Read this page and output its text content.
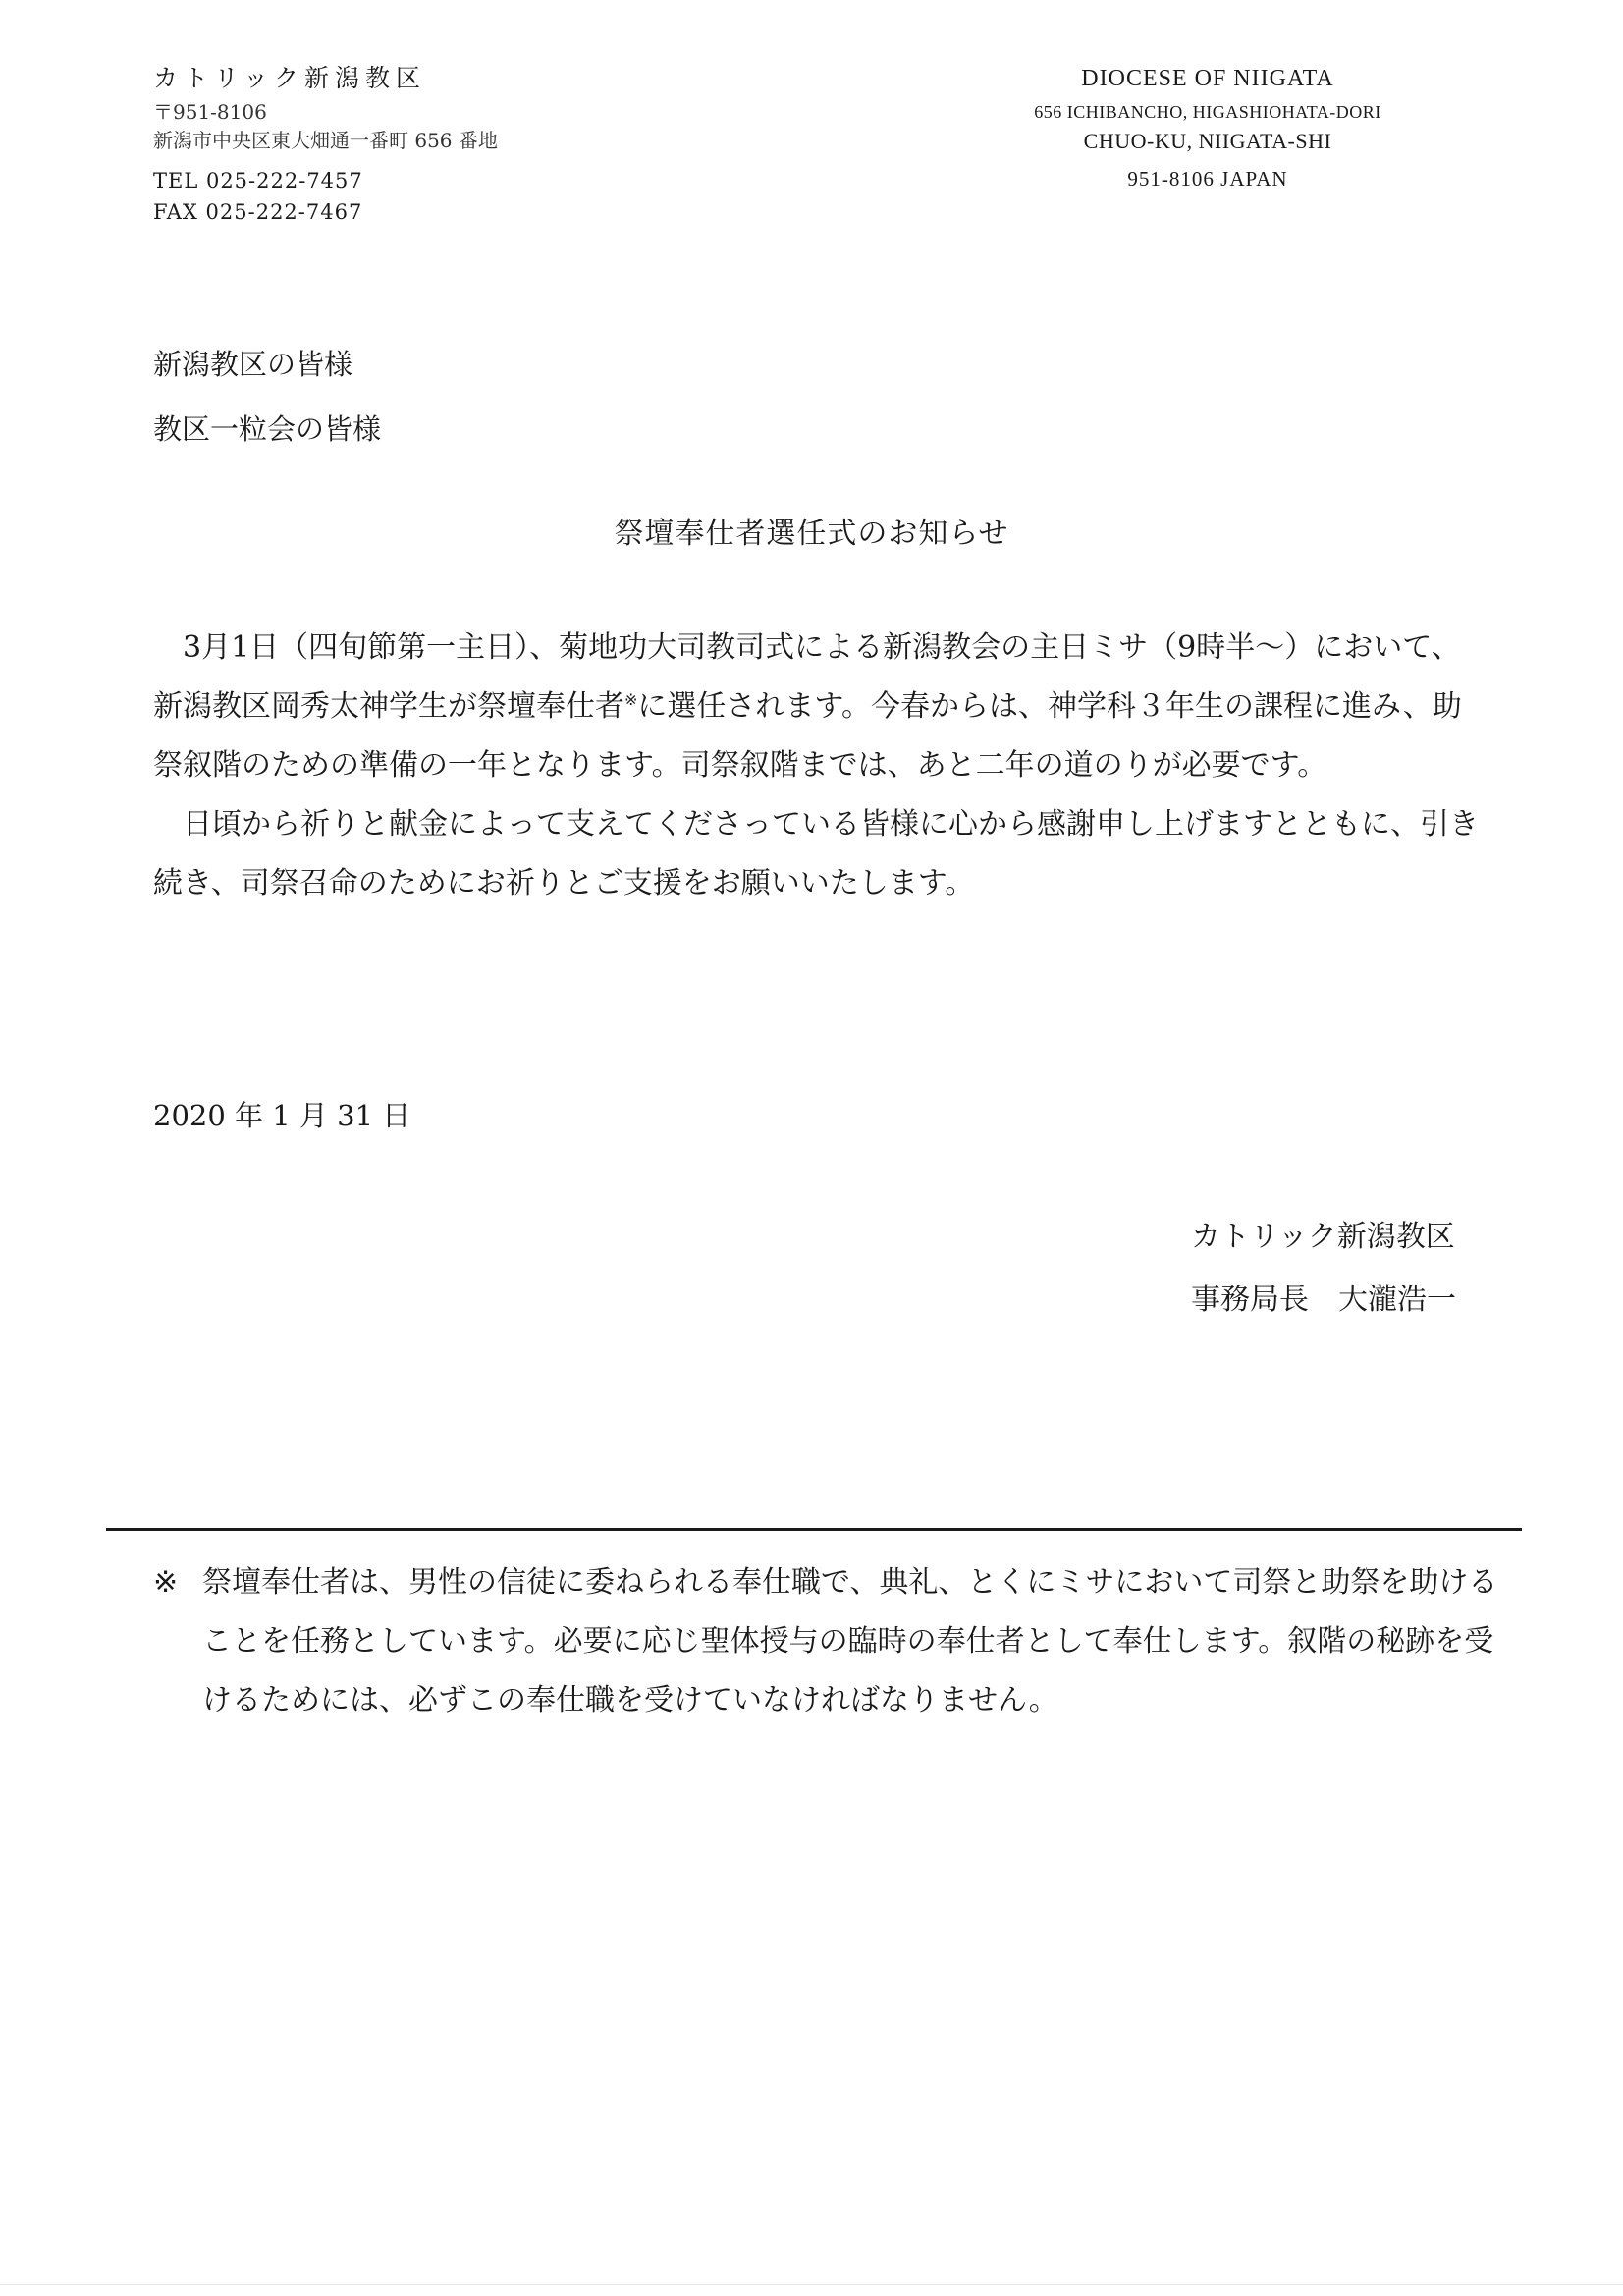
カトリック新潟教区
〒951-8106
新潟市中央区東大畑通一番町 656 番地
TEL 025-222-7457
FAX 025-222-7467
DIOCESE OF NIIGATA
656 ICHIBANCHO, HIGASHIOHATA-DORI
CHUO-KU, NIIGATA-SHI
951-8106 JAPAN
新潟教区の皆様
教区一粒会の皆様
祭壇奉仕者選任式のお知らせ

3月1日（四旬節第一主日）、菊地功大司教司式による新潟教会の主日ミサ（9時半～）において、新潟教区岡秀太神学生が祭壇奉仕者※に選任されます。今春からは、神学科３年生の課程に進み、助祭叙階のための準備の一年となります。司祭叙階までは、あと二年の道のりが必要です。

日頃から祈りと献金によって支えてくださっている皆様に心から感謝申し上げますとともに、引き続き、司祭召命のためにお祈りとご支援をお願いいたします。

2020 年 1 月 31 日
カトリック新潟教区
事務局長 大瀧浩一
※ 祭壇奉仕者は、男性の信徒に委ねられる奉仕職で、典礼、とくにミサにおいて司祭と助祭を助けることを任務としています。必要に応じ聖体授与の臨時の奉仕者として奉仕します。叙階の秘跡を受けるためには、必ずこの奉仕職を受けていなければなりません。
